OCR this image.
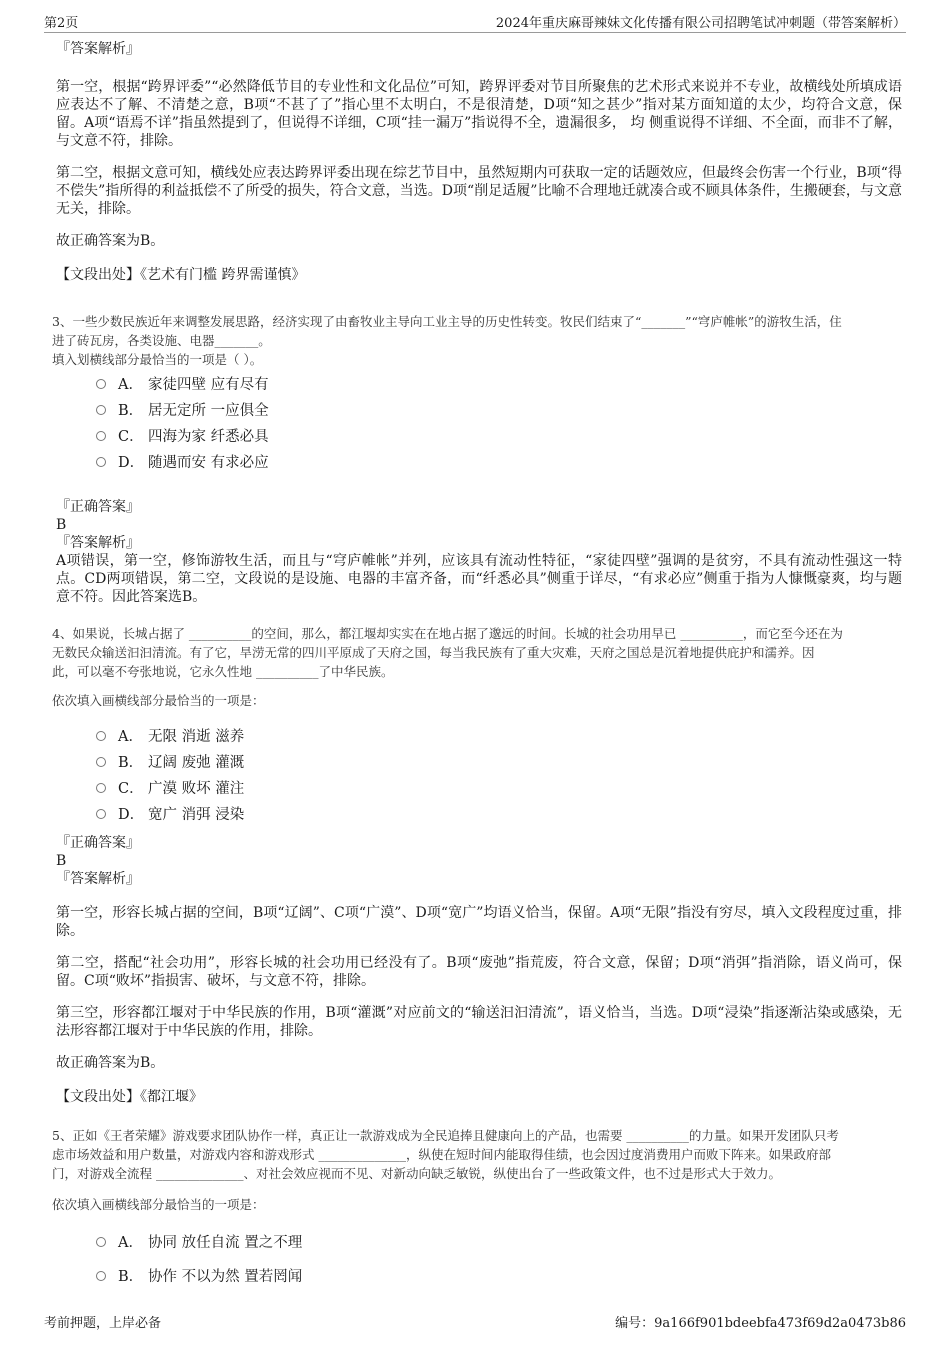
第2页	2024年重庆麻哥辣妹文化传播有限公司招聘笔试冲刺题（带答案解析）

『答案解析』

第一空，根据“跨界评委”“必然降低节目的专业性和文化品位”可知，跨界评委对节目所聚焦的艺术形式来说并不专业，故横线处所填成语应表达不了解、不清楚之意，B项“不甚了了”指心里不太明白，不是很清楚，D项“知之甚少”指对某方面知道的太少，均符合文意，保留。A项“语焉不详”指虽然提到了，但说得不详细，C项“挂一漏万”指说得不全，遗漏很多， 均 侧重说得不详细、不全面，而非不了解，与文意不符，排除。

第二空，根据文意可知，横线处应表达跨界评委出现在综艺节目中，虽然短期内可获取一定的话题效应，但最终会伤害一个行业，B项“得不偿失”指所得的利益抵偿不了所受的损失，符合文意，当选。D项“削足适履”比喻不合理地迁就凑合或不顾具体条件，生搬硬套，与文意无关，排除。

故正确答案为B。

【文段出处】《艺术有门槛 跨界需谨慎》

3、一些少数民族近年来调整发展思路，经济实现了由畜牧业主导向工业主导的历史性转变。牧民们结束了“_______”“穹庐帷帐”的游牧生活，住

进了砖瓦房，各类设施、电器_______。

填入划横线部分最恰当的一项是（ ）。

A． 家徒四壁 应有尽有
B． 居无定所 一应俱全
C． 四海为家 纤悉必具
D． 随遇而安 有求必应

『正确答案』

B

『答案解析』

A项错误，第一空，修饰游牧生活，而且与“穹庐帷帐”并列，应该具有流动性特征，“家徒四壁”强调的是贫穷，不具有流动性强这一特点。CD两项错误，第二空，文段说的是设施、电器的丰富齐备，而“纤悉必具”侧重于详尽，“有求必应”侧重于指为人慷慨豪爽，均与题意不符。因此答案选B。

4、如果说，长城占据了 __________的空间，那么，都江堰却实实在在地占据了邈远的时间。长城的社会功用早已 __________，而它至今还在为

无数民众输送汩汩清流。有了它，旱涝无常的四川平原成了天府之国，每当我民族有了重大灾难，天府之国总是沉着地提供庇护和濡养。因

此，可以毫不夸张地说，它永久性地 __________了中华民族。

依次填入画横线部分最恰当的一项是：

A． 无限 消逝 滋养
B． 辽阔 废弛 灌溉
C． 广漠 败坏 灌注
D． 宽广 消弭 浸染

『正确答案』

B

『答案解析』

第一空，形容长城占据的空间，B项“辽阔”、C项“广漠”、D项“宽广”均语义恰当，保留。A项“无限”指没有穷尽，填入文段程度过重，排除。

第二空，搭配“社会功用”，形容长城的社会功用已经没有了。B项“废弛”指荒废，符合文意，保留；D项“消弭”指消除，语义尚可，保留。C项“败坏”指损害、破坏，与文意不符，排除。

第三空，形容都江堰对于中华民族的作用，B项“灌溉”对应前文的“输送汩汩清流”，语义恰当，当选。D项“浸染”指逐渐沾染或感染，无法形容都江堰对于中华民族的作用，排除。

故正确答案为B。

【文段出处】《都江堰》

5、正如《王者荣耀》游戏要求团队协作一样，真正让一款游戏成为全民追捧且健康向上的产品，也需要 __________的力量。如果开发团队只考

虑市场效益和用户数量，对游戏内容和游戏形式 ______________，纵使在短时间内能取得佳绩，也会因过度消费用户而败下阵来。如果政府部

门，对游戏全流程 ______________、对社会效应视而不见、对新动向缺乏敏锐，纵使出台了一些政策文件，也不过是形式大于效力。

依次填入画横线部分最恰当的一项是：

A． 协同 放任自流 置之不理
B． 协作 不以为然 置若罔闻
考前押题，上岸必备	编号：9a166f901bdeebfa473f69d2a0473b86
